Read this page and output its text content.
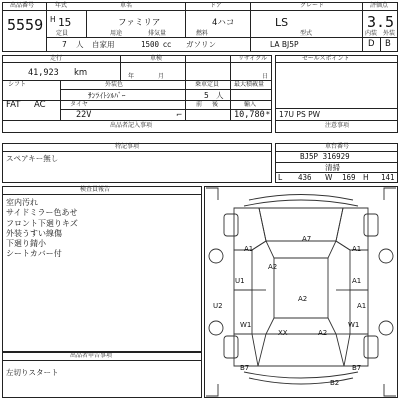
出品番号	年式	車名	ドア	グレード	評価点
5559 H 15	ファミリア	4ハコ	LS	3.5
7 人 自家用	1500 cc ガソリン	LA BJ5P	D B
定員	用途	排気量	燃料	型式	内装 外装
走行	車検	リサイクル
41,923 km	年	月	日
シフト
FAT AC
外装色
ｻﾝﾗｲﾄｼﾙﾊﾞｰ
乗車定員
5 人
最大積載量
タイヤ	前 後	輸入
22V	⌐	10,780 *
出品者記入事項
セールスポイント
17U PS PW
注意事項
特記事項
スペアキー無し
車台番号
BJ5P 316929
清掃
L 436 W 169 H 141
検査員報告
室内汚れ
サイドミラー色あせ
フロント下廻りキズ
外装うすい線傷
下廻り錆小
シートカバー付
出品者申告事項
左切りスタート
A7
A1	A1
U2
U1
W1
A2
A1
A1
W1
XX	A2
B7	B7
B2
A2
